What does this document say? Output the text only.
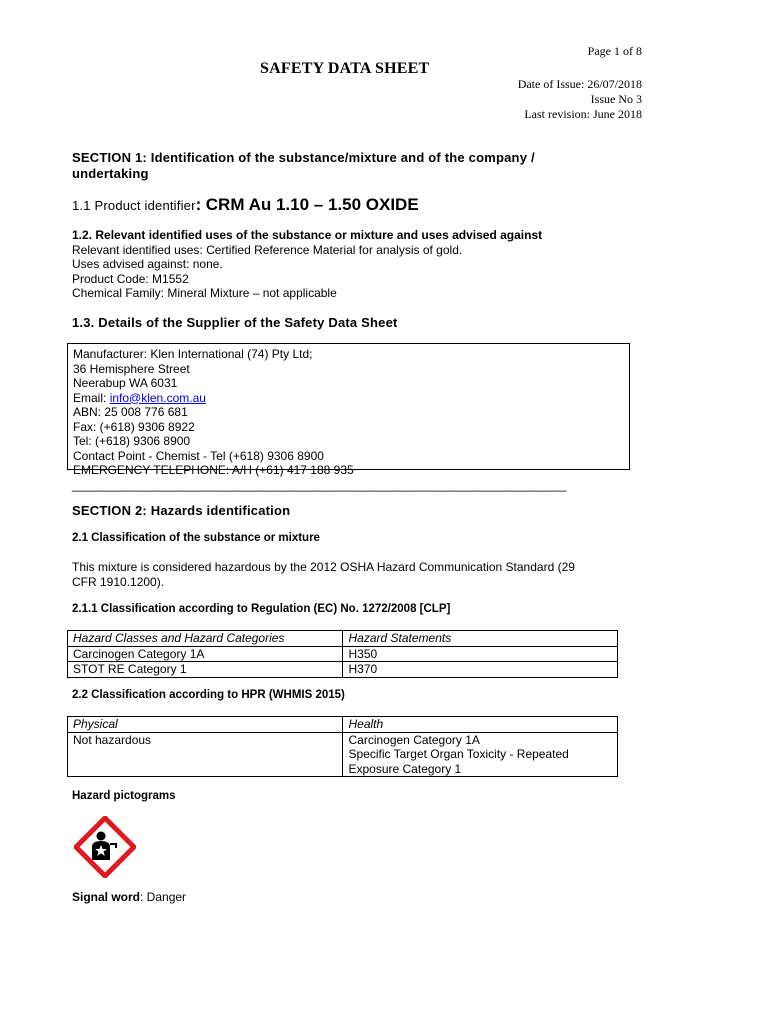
Page 1 of 8
SAFETY DATA SHEET
Date of Issue: 26/07/2018
Issue No 3
Last revision: June 2018
SECTION 1: Identification of the substance/mixture and of the company /
undertaking
1.1 Product identifier: CRM Au 1.10 – 1.50 OXIDE
1.2. Relevant identified uses of the substance or mixture and uses advised against
Relevant identified uses: Certified Reference Material for analysis of gold.
Uses advised against: none.
Product Code: M1552
Chemical Family: Mineral Mixture – not applicable
1.3. Details of the Supplier of the Safety Data Sheet
Manufacturer: Klen International (74) Pty Ltd;
36 Hemisphere Street
Neerabup WA 6031
Email: info@klen.com.au
ABN: 25 008 776 681
Fax: (+618) 9306 8922
Tel: (+618) 9306 8900
Contact Point - Chemist - Tel (+618) 9306 8900
EMERGENCY TELEPHONE: A/H (+61) 417 188 935
________________________________________________________________________________
SECTION 2: Hazards identification
2.1 Classification of the substance or mixture
This mixture is considered hazardous by the 2012 OSHA Hazard Communication Standard (29
CFR 1910.1200).
2.1.1 Classification according to Regulation (EC) No. 1272/2008 [CLP]
Hazard Classes and Hazard Categories	Hazard Statements
Carcinogen Category 1A	H350
STOT RE Category 1	H370
2.2 Classification according to HPR (WHMIS 2015)
Physical	Health
Not hazardous	Carcinogen Category 1A
Specific Target Organ Toxicity - Repeated
Exposure Category 1
Hazard pictograms
Signal word: Danger
